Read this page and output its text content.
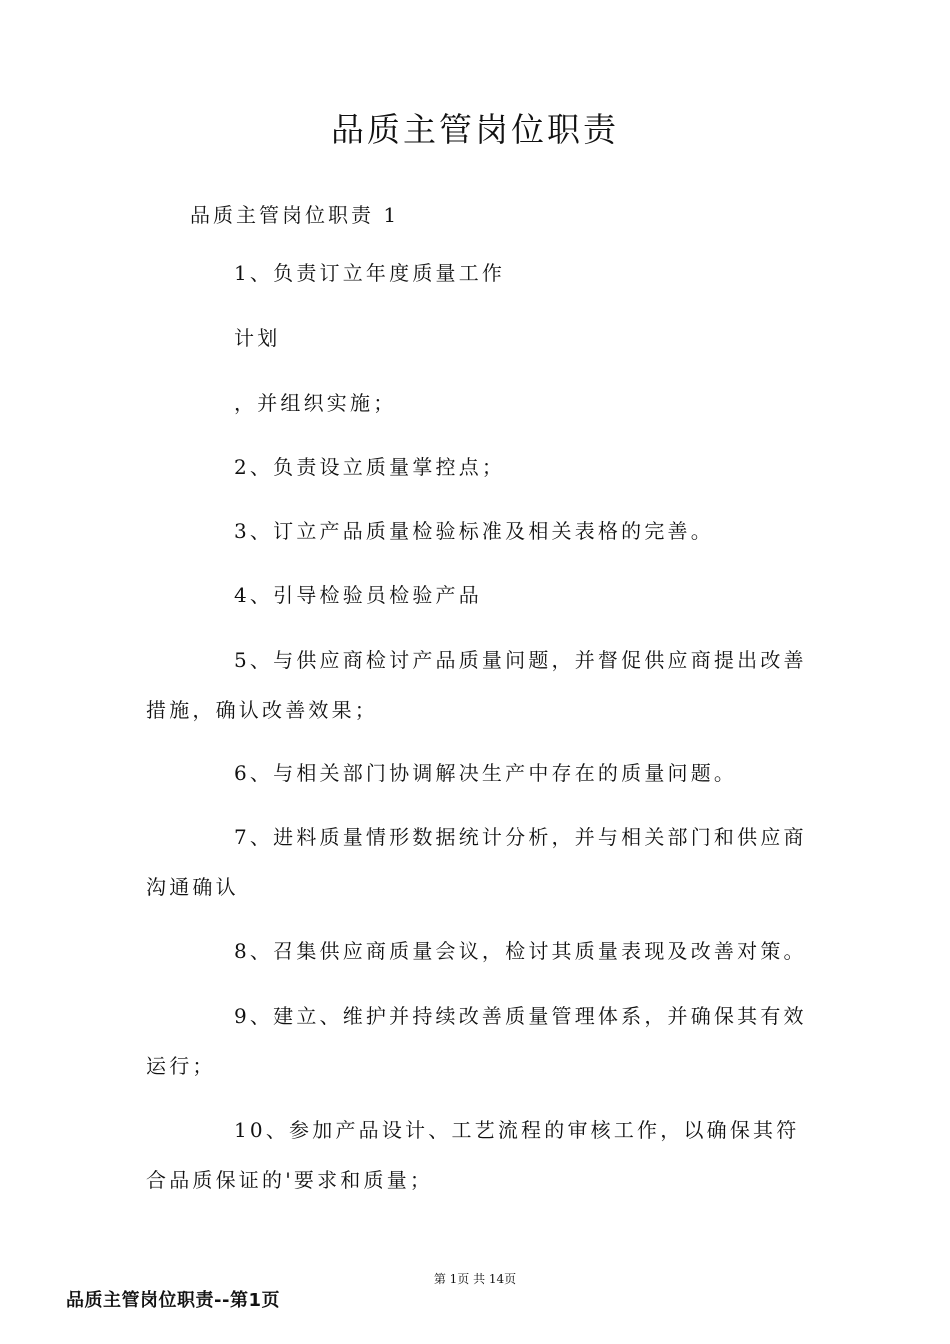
品质主管岗位职责
品质主管岗位职责 1

1、负责订立年度质量工作

计划

，并组织实施；

2、负责设立质量掌控点；

3、订立产品质量检验标准及相关表格的完善。

4、引导检验员检验产品

5、与供应商检讨产品质量问题，并督促供应商提出改善措施，确认改善效果；

6、与相关部门协调解决生产中存在的质量问题。

7、进料质量情形数据统计分析，并与相关部门和供应商沟通确认

8、召集供应商质量会议，检讨其质量表现及改善对策。

9、建立、维护并持续改善质量管理体系，并确保其有效运行；

10、参加产品设计、工艺流程的审核工作，以确保其符合品质保证的'要求和质量；

第 1页 共 14页
品质主管岗位职责--第1页
